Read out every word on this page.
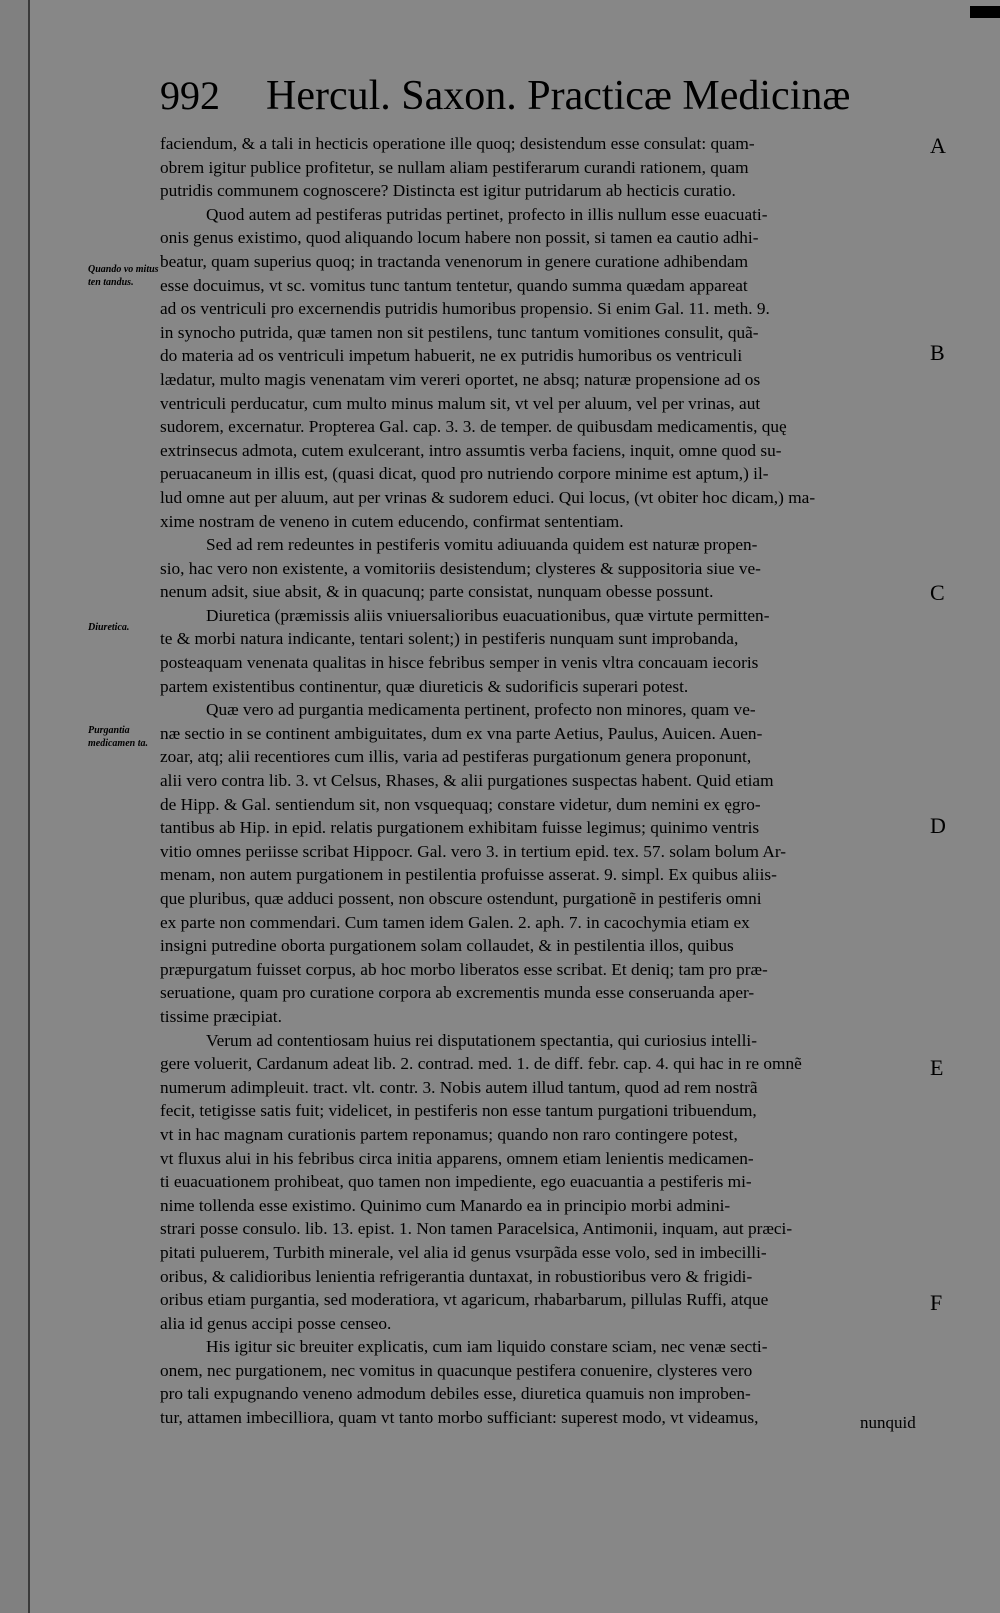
992 Hercul. Saxon. Practicæ Medicinæ
faciendum, & a tali in hecticis operatione ille quoq; desistendum esse consulat: quam-
obrem igitur publice profitetur, se nullam aliam pestiferarum curandi rationem, quam
putridis communem cognoscere? Distincta est igitur putridarum ab hecticis curatio.
Quod autem ad pestiferas putridas pertinet, profecto in illis nullum esse euacuati-
onis genus existimo, quod aliquando locum habere non possit, si tamen ea cautio adhi-
beatur, quam superius quoq; in tractanda venenorum in genere curatione adhibendam
esse docuimus, vt sc. vomitus tunc tantum tentetur, quando summa quædam appareat
ad os ventriculi pro excernendis putridis humoribus propensio. Si enim Gal. 11. meth. 9.
in synocho putrida, quæ tamen non sit pestilens, tunc tantum vomitiones consulit, quã-
do materia ad os ventriculi impetum habuerit, ne ex putridis humoribus os ventriculi
lædatur, multo magis venenatam vim vereri oportet, ne absq; naturæ propensione ad os
ventriculi perducatur, cum multo minus malum sit, vt vel per aluum, vel per vrinas, aut
sudorem, excernatur. Propterea Gal. cap. 3. 3. de temper. de quibusdam medicamentis, quę
extrinsecus admota, cutem exulcerant, intro assumtis verba faciens, inquit, omne quod su-
peruacaneum in illis est, (quasi dicat, quod pro nutriendo corpore minime est aptum,) il-
lud omne aut per aluum, aut per vrinas & sudorem educi. Qui locus, (vt obiter hoc dicam,) ma-
xime nostram de veneno in cutem educendo, confirmat sententiam.
Sed ad rem redeuntes in pestiferis vomitu adiuuanda quidem est naturæ propen-
sio, hac vero non existente, a vomitoriis desistendum; clysteres & suppositoria siue ve-
nenum adsit, siue absit, & in quacunq; parte consistat, nunquam obesse possunt.
Diuretica (præmissis aliis vniuersalioribus euacuationibus, quæ virtute permitten-
te & morbi natura indicante, tentari solent;) in pestiferis nunquam sunt improbanda,
posteaquam venenata qualitas in hisce febribus semper in venis vltra concauam iecoris
partem existentibus continentur, quæ diureticis & sudorificis superari potest.
Quæ vero ad purgantia medicamenta pertinent, profecto non minores, quam ve-
næ sectio in se continent ambiguitates, dum ex vna parte Aetius, Paulus, Auicen. Auen-
zoar, atq; alii recentiores cum illis, varia ad pestiferas purgationum genera proponunt,
alii vero contra lib. 3. vt Celsus, Rhases, & alii purgationes suspectas habent. Quid etiam
de Hipp. & Gal. sentiendum sit, non vsquequaq; constare videtur, dum nemini ex ęgro-
tantibus ab Hip. in epid. relatis purgationem exhibitam fuisse legimus; quinimo ventris
vitio omnes periisse scribat Hippocr. Gal. vero 3. in tertium epid. tex. 57. solam bolum Ar-
menam, non autem purgationem in pestilentia profuisse asserat. 9. simpl. Ex quibus aliis-
que pluribus, quæ adduci possent, non obscure ostendunt, purgationẽ in pestiferis omni
ex parte non commendari. Cum tamen idem Galen. 2. aph. 7. in cacochymia etiam ex
insigni putredine oborta purgationem solam collaudet, & in pestilentia illos, quibus
præpurgatum fuisset corpus, ab hoc morbo liberatos esse scribat. Et deniq; tam pro præ-
seruatione, quam pro curatione corpora ab excrementis munda esse conseruanda aper-
tissime præcipiat.
Verum ad contentiosam huius rei disputationem spectantia, qui curiosius intelli-
gere voluerit, Cardanum adeat lib. 2. contrad. med. 1. de diff. febr. cap. 4. qui hac in re omnẽ
numerum adimpleuit. tract. vlt. contr. 3. Nobis autem illud tantum, quod ad rem nostrã
fecit, tetigisse satis fuit; videlicet, in pestiferis non esse tantum purgationi tribuendum,
vt in hac magnam curationis partem reponamus; quando non raro contingere potest,
vt fluxus alui in his febribus circa initia apparens, omnem etiam lenientis medicamen-
ti euacuationem prohibeat, quo tamen non impediente, ego euacuantia a pestiferis mi-
nime tollenda esse existimo. Quinimo cum Manardo ea in principio morbi admini-
strari posse consulo. lib. 13. epist. 1. Non tamen Paracelsica, Antimonii, inquam, aut præci-
pitati puluerem, Turbith minerale, vel alia id genus vsurpãda esse volo, sed in imbecilli-
oribus, & calidioribus lenientia refrigerantia duntaxat, in robustioribus vero & frigidi-
oribus etiam purgantia, sed moderatiora, vt agaricum, rhabarbarum, pillulas Ruffi, atque
alia id genus accipi posse censeo.
His igitur sic breuiter explicatis, cum iam liquido constare sciam, nec venæ secti-
onem, nec purgationem, nec vomitus in quacunque pestifera conuenire, clysteres vero
pro tali expugnando veneno admodum debiles esse, diuretica quamuis non improben-
tur, attamen imbecilliora, quam vt tanto morbo sufficiant: superest modo, vt videamus,
Quando vo mitus ten tandus.
Diuretica.
Purgantia medicamen ta.
A
B
C
D
E
F
nunquid
